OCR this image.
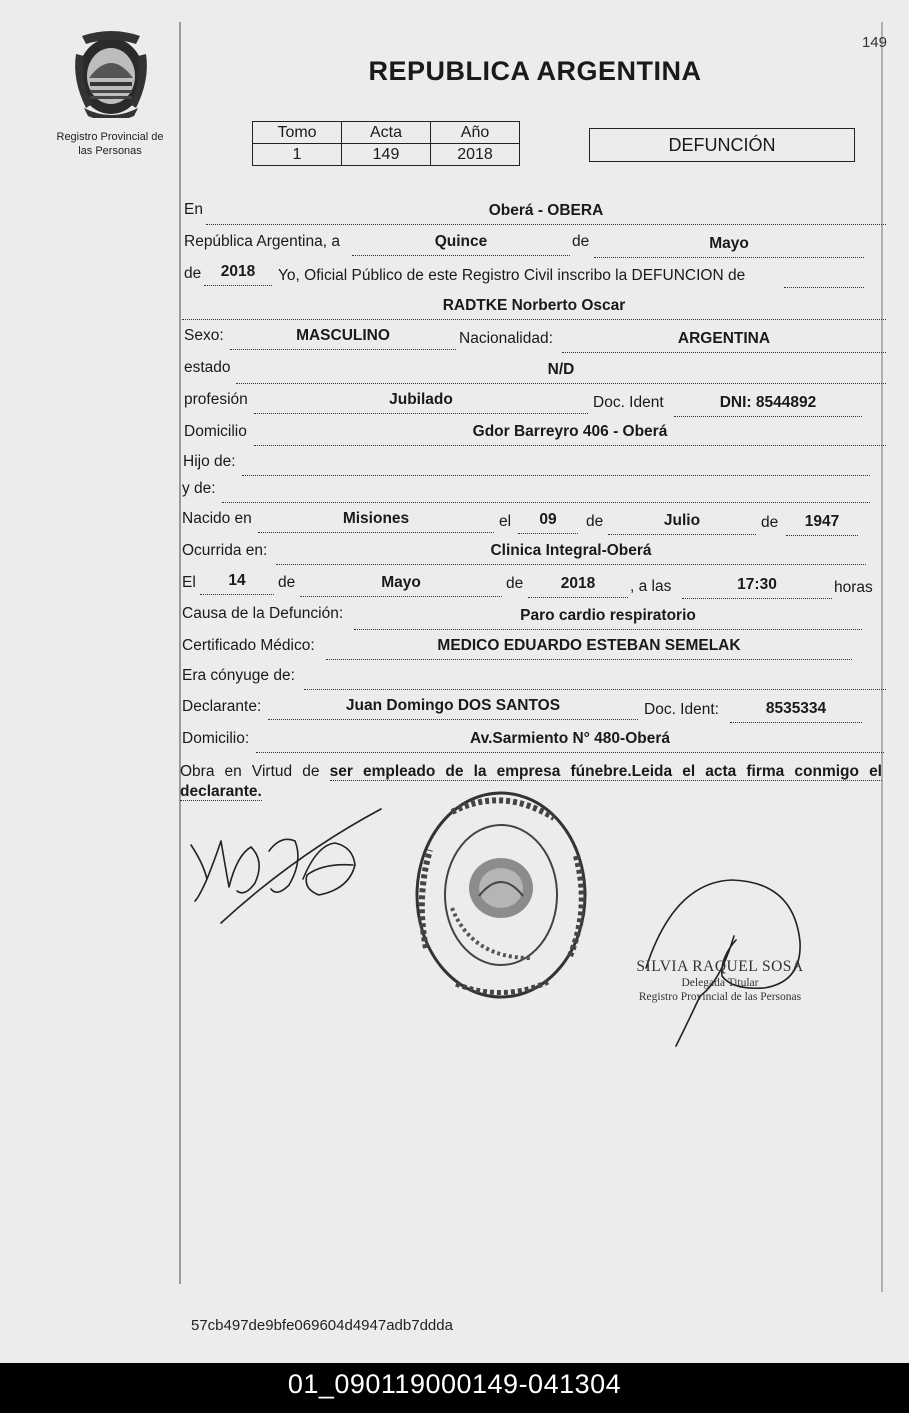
149
Registro Provincial de
las Personas
REPUBLICA ARGENTINA
Tomo	Acta	Año
1	149	2018	DEFUNCIÓN
En	Oberá - OBERA
República Argentina, a	Quince	de	Mayo
de	2018	Yo, Oficial Público de este Registro Civil inscribo la DEFUNCION de
RADTKE Norberto Oscar
Sexo:	MASCULINO	Nacionalidad:	ARGENTINA
estado	N/D
profesión	Jubilado	Doc. Ident	DNI: 8544892
Domicilio	Gdor Barreyro 406 - Oberá
Hijo de:
y de:
Nacido en	Misiones	el	09	de	Julio	de	1947
Ocurrida en:	Clinica Integral-Oberá
El	14	de	Mayo	de	2018	, a las	17:30	horas
Causa de la Defunción:	Paro cardio respiratorio
Certificado Médico:	MEDICO EDUARDO ESTEBAN SEMELAK
Era cónyuge de:
Declarante:	Juan Domingo DOS SANTOS	Doc. Ident:	8535334
Domicilio:	Av.Sarmiento N° 480-Oberá
Obra en Virtud de ser empleado de la empresa fúnebre.Leida el acta firma conmigo el declarante.
SILVIA RAQUEL SOSA
Delegada Titular
Registro Provincial de las Personas
57cb497de9bfe069604d4947adb7ddda
01_090119000149-041304
